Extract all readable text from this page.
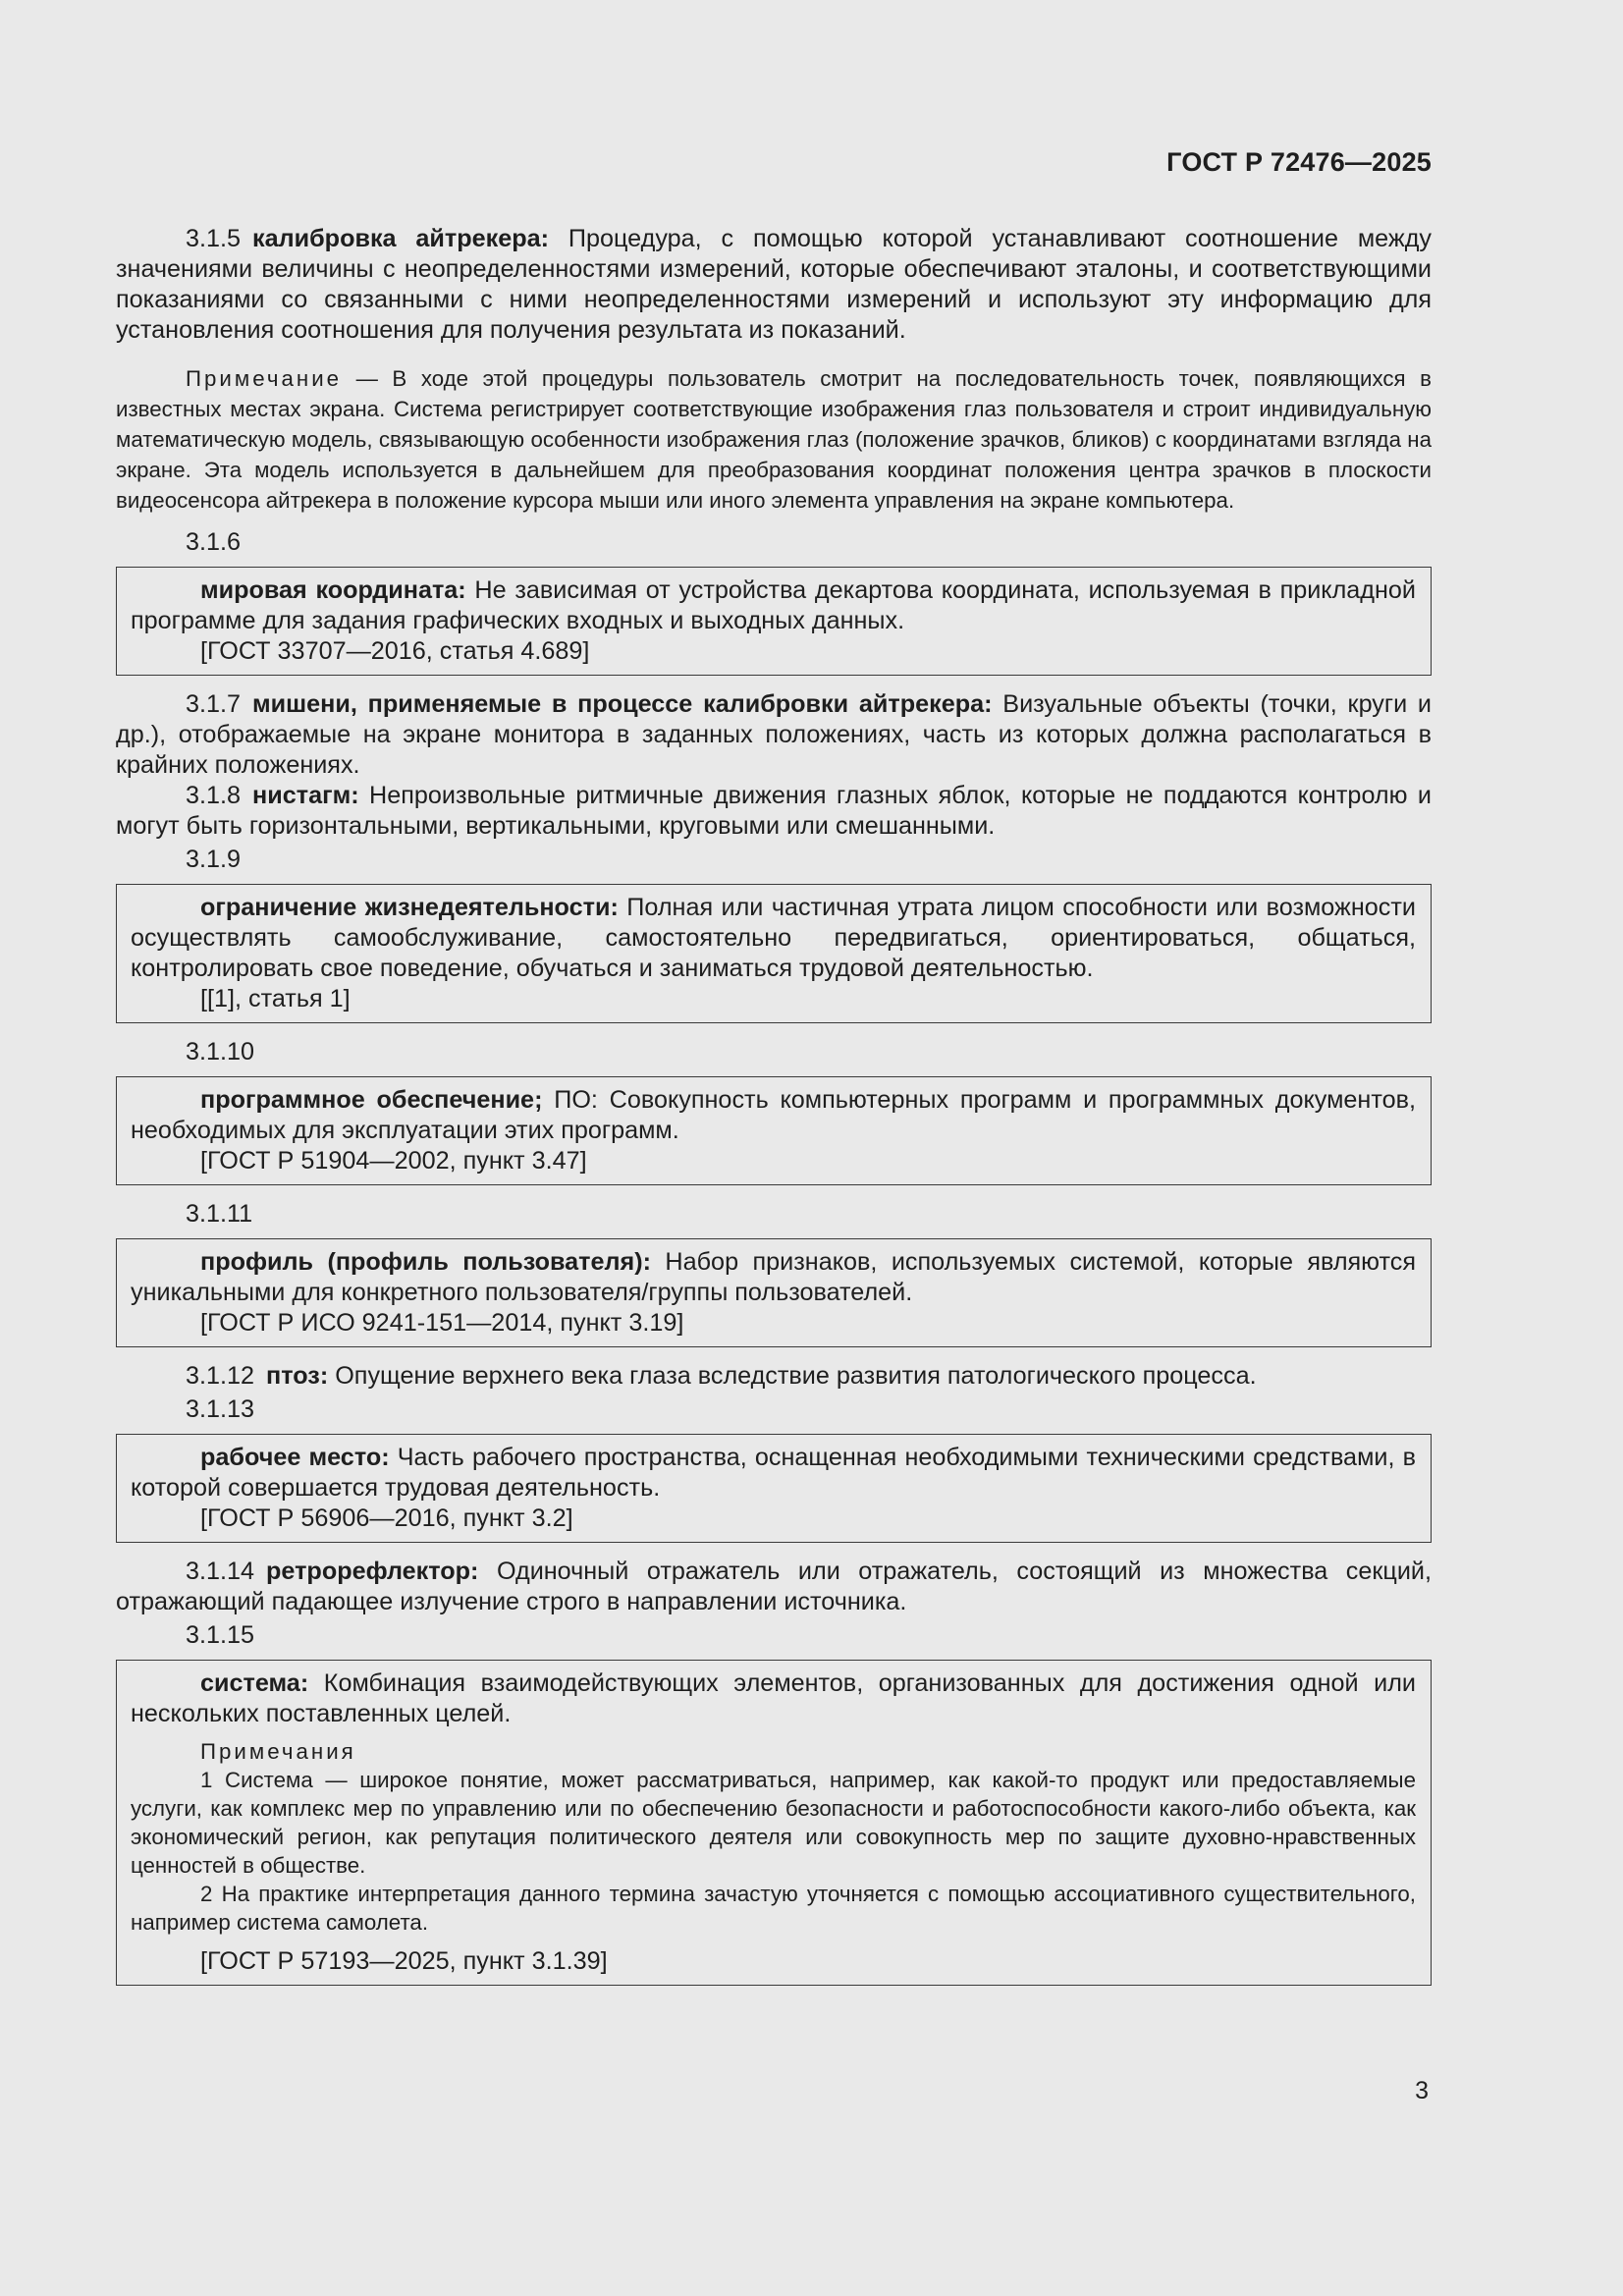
ГОСТ Р 72476—2025

3.1.5 калибровка айтрекера: Процедура, с помощью которой устанавливают соотношение между значениями величины с неопределенностями измерений, которые обеспечивают эталоны, и соответствующими показаниями со связанными с ними неопределенностями измерений и используют эту информацию для установления соотношения для получения результата из показаний.

Примечание — В ходе этой процедуры пользователь смотрит на последовательность точек, появляющихся в известных местах экрана. Система регистрирует соответствующие изображения глаз пользователя и строит индивидуальную математическую модель, связывающую особенности изображения глаз (положение зрачков, бликов) с координатами взгляда на экране. Эта модель используется в дальнейшем для преобразования координат положения центра зрачков в плоскости видеосенсора айтрекера в положение курсора мыши или иного элемента управления на экране компьютера.

3.1.6

мировая координата: Не зависимая от устройства декартова координата, используемая в прикладной программе для задания графических входных и выходных данных.

[ГОСТ 33707—2016, статья 4.689]

3.1.7 мишени, применяемые в процессе калибровки айтрекера: Визуальные объекты (точки, круги и др.), отображаемые на экране монитора в заданных положениях, часть из которых должна располагаться в крайних положениях.

3.1.8 нистагм: Непроизвольные ритмичные движения глазных яблок, которые не поддаются контролю и могут быть горизонтальными, вертикальными, круговыми или смешанными.

3.1.9

ограничение жизнедеятельности: Полная или частичная утрата лицом способности или возможности осуществлять самообслуживание, самостоятельно передвигаться, ориентироваться, общаться, контролировать свое поведение, обучаться и заниматься трудовой деятельностью.

[[1], статья 1]

3.1.10

программное обеспечение; ПО: Совокупность компьютерных программ и программных документов, необходимых для эксплуатации этих программ.

[ГОСТ Р 51904—2002, пункт 3.47]

3.1.11

профиль (профиль пользователя): Набор признаков, используемых системой, которые являются уникальными для конкретного пользователя/группы пользователей.

[ГОСТ Р ИСО 9241-151—2014, пункт 3.19]

3.1.12 птоз: Опущение верхнего века глаза вследствие развития патологического процесса.

3.1.13

рабочее место: Часть рабочего пространства, оснащенная необходимыми техническими средствами, в которой совершается трудовая деятельность.

[ГОСТ Р 56906—2016, пункт 3.2]

3.1.14 ретрорефлектор: Одиночный отражатель или отражатель, состоящий из множества секций, отражающий падающее излучение строго в направлении источника.

3.1.15

система: Комбинация взаимодействующих элементов, организованных для достижения одной или нескольких поставленных целей.

Примечания

1 Система — широкое понятие, может рассматриваться, например, как какой-то продукт или предоставляемые услуги, как комплекс мер по управлению или по обеспечению безопасности и работоспособности какого-либо объекта, как экономический регион, как репутация политического деятеля или совокупность мер по защите духовно-нравственных ценностей в обществе.

2 На практике интерпретация данного термина зачастую уточняется с помощью ассоциативного существительного, например система самолета.

[ГОСТ Р 57193—2025, пункт 3.1.39]

3
